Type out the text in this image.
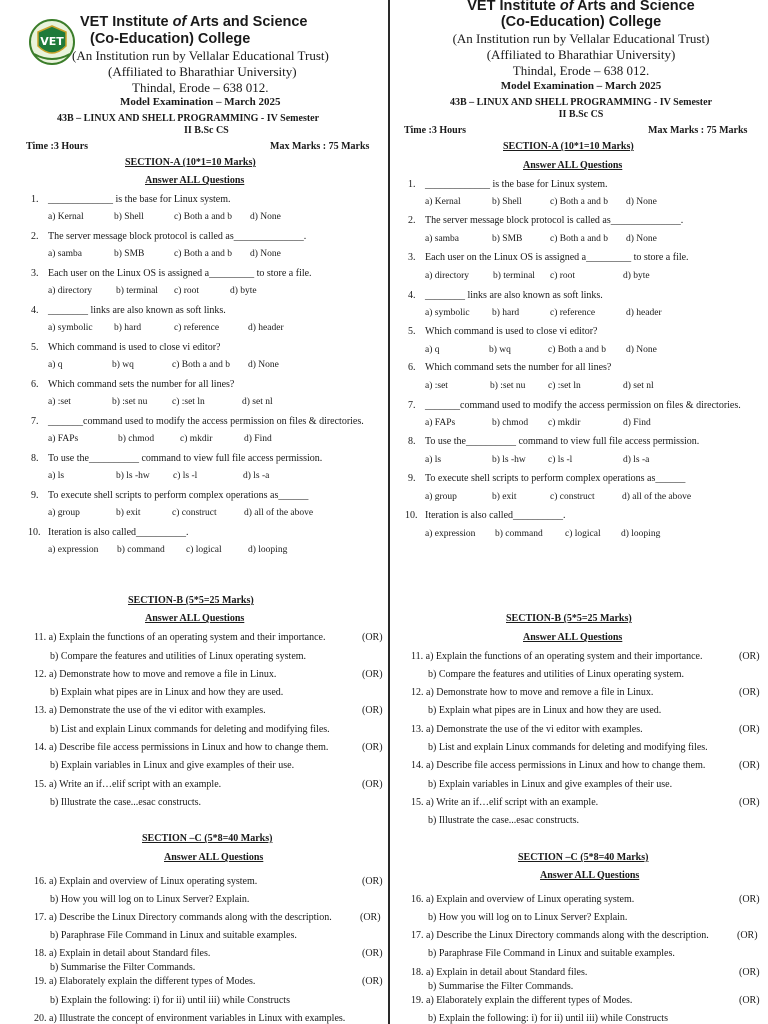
VET
VET Institute of Arts and Science
(Co-Education) College
(An Institution run by Vellalar Educational Trust)
(Affiliated to Bharathiar University)
Thindal, Erode – 638 012.
Model Examination – March 2025
43B – LINUX AND SHELL PROGRAMMING - IV Semester
II B.Sc CS
Time :3 Hours	Max Marks : 75 Marks
SECTION-A (10*1=10 Marks)
Answer ALL Questions
1. _____________ is the base for Linux system.
a) Kernal	b) Shell	c) Both a and b d) None
2. The server message block protocol is called as______________.
a) samba	b) SMB	c) Both a and b d) None
3. Each user on the Linux OS is assigned a_________ to store a file.
a) directory	b) terminal c) root	d) byte
4. ________ links are also known as soft links.
a) symbolic b) hard	c) reference	d) header
5. Which command is used to close vi editor?
a) q	b) wq	c) Both a and b d) None
6. Which command sets the number for all lines?
a) :set	b) :set nu	c) :set ln	d) set nl
7. _______command used to modify the access permission on files & directories.
a) FAPs	b) chmod	c) mkdir	d) Find
8. To use the__________ command to view full file access permission.
a) ls	b) ls -hw c) ls -l	d) ls -a
9. To execute shell scripts to perform complex operations as______
a) group	b) exit	c) construct	d) all of the above
10. Iteration is also called__________.
a) expression b) command c) logical	d) looping
SECTION-B (5*5=25 Marks)
Answer ALL Questions
11. a) Explain the functions of an operating system and their importance.	(OR)
b) Compare the features and utilities of Linux operating system.
12. a) Demonstrate how to move and remove a file in Linux.	(OR)
b) Explain what pipes are in Linux and how they are used.
13. a) Demonstrate the use of the vi editor with examples.	(OR)
b) List and explain Linux commands for deleting and modifying files.
14. a) Describe file access permissions in Linux and how to change them.	(OR)
b) Explain variables in Linux and give examples of their use.
15. a) Write an if…elif script with an example.	(OR)
b) Illustrate the case...esac constructs.
SECTION –C (5*8=40 Marks)
Answer ALL Questions
16. a) Explain and overview of Linux operating system.	(OR)
b) How you will log on to Linux Server? Explain.
17. a) Describe the Linux Directory commands along with the description.	(OR)
b) Paraphrase File Command in Linux and suitable examples.
18. a) Explain in detail about Standard files.	(OR)
b) Summarise the Filter Commands.
19. a) Elaborately explain the different types of Modes.	(OR)
b) Explain the following: i) for ii) until iii) while Constructs
20. a) Illustrate the concept of environment variables in Linux with examples.
VET Institute of Arts and Science
(Co-Education) College
(An Institution run by Vellalar Educational Trust)
(Affiliated to Bharathiar University)
Thindal, Erode – 638 012.
Model Examination – March 2025
43B – LINUX AND SHELL PROGRAMMING - IV Semester
II B.Sc CS
Time :3 Hours	Max Marks : 75 Marks
SECTION-A (10*1=10 Marks)
Answer ALL Questions
1. _____________ is the base for Linux system.
a) Kernal	b) Shell	c) Both a and b d) None
2. The server message block protocol is called as______________.
a) samba	b) SMB	c) Both a and b d) None
3. Each user on the Linux OS is assigned a_________ to store a file.
a) directory	b) terminal c) root	d) byte
4. ________ links are also known as soft links.
a) symbolic b) hard	c) reference	d) header
5. Which command is used to close vi editor?
a) q	b) wq	c) Both a and b d) None
6. Which command sets the number for all lines?
a) :set	b) :set nu c) :set ln	d) set nl
7. _______command used to modify the access permission on files & directories.
a) FAPs	b) chmod c) mkdir	d) Find
8. To use the__________ command to view full file access permission.
a) ls	b) ls -hw c) ls -l	d) ls -a
9. To execute shell scripts to perform complex operations as______
a) group	b) exit	c) construct	d) all of the above
10. Iteration is also called__________.
a) expression b) command c) logical d) looping
SECTION-B (5*5=25 Marks)
Answer ALL Questions
11. a) Explain the functions of an operating system and their importance.	(OR)
b) Compare the features and utilities of Linux operating system.
12. a) Demonstrate how to move and remove a file in Linux.	(OR)
b) Explain what pipes are in Linux and how they are used.
13. a) Demonstrate the use of the vi editor with examples.	(OR)
b) List and explain Linux commands for deleting and modifying files.
14. a) Describe file access permissions in Linux and how to change them.	(OR)
b) Explain variables in Linux and give examples of their use.
15. a) Write an if…elif script with an example.	(OR)
b) Illustrate the case...esac constructs.
SECTION –C (5*8=40 Marks)
Answer ALL Questions
16. a) Explain and overview of Linux operating system.	(OR)
b) How you will log on to Linux Server? Explain.
17. a) Describe the Linux Directory commands along with the description.	(OR)
b) Paraphrase File Command in Linux and suitable examples.
18. a) Explain in detail about Standard files.	(OR)
b) Summarise the Filter Commands.
19. a) Elaborately explain the different types of Modes.	(OR)
b) Explain the following: i) for ii) until iii) while Constructs
